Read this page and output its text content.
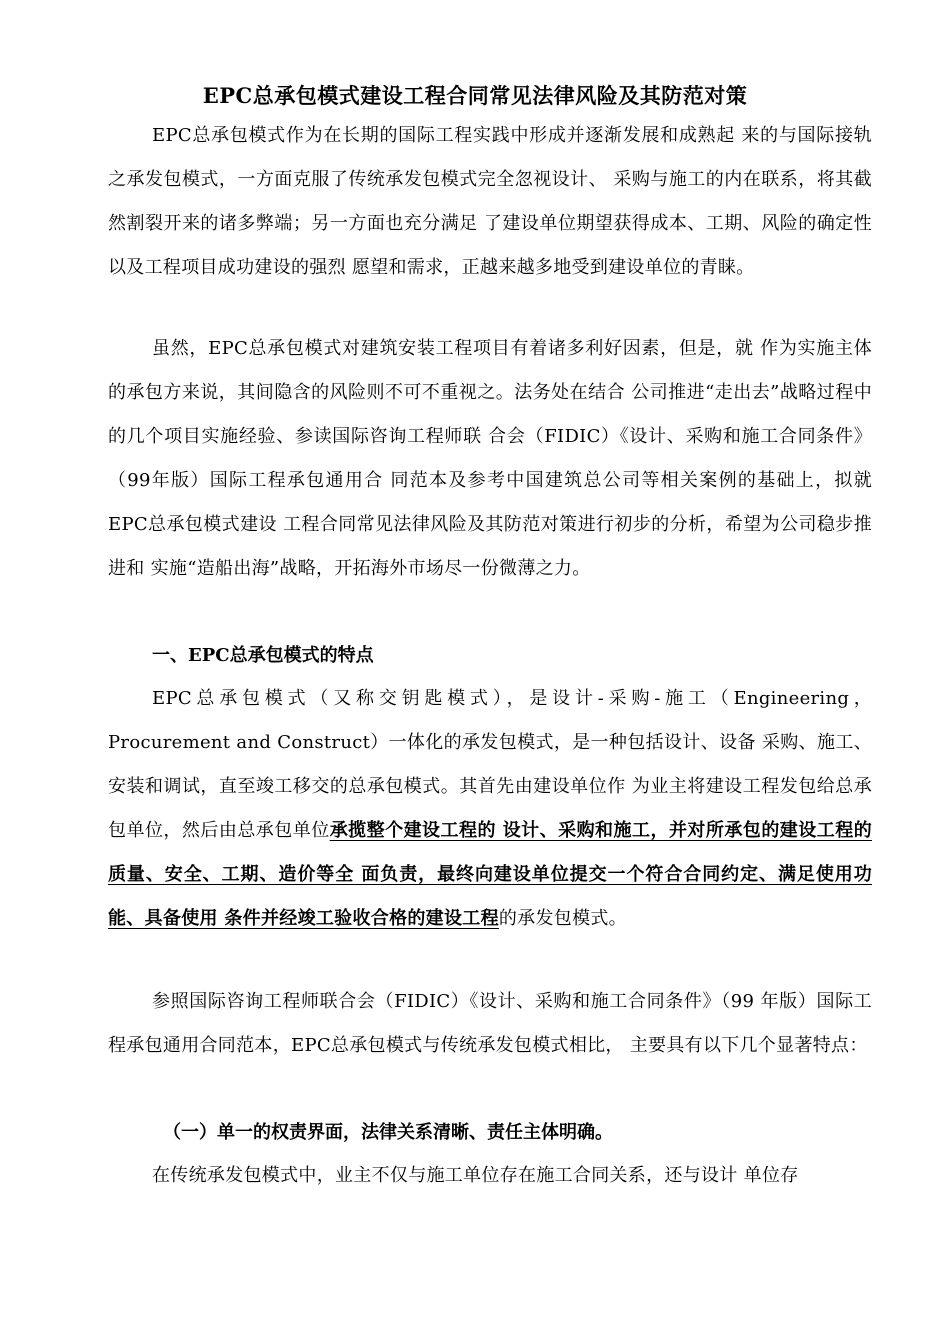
EPC总承包模式建设工程合同常见法律风险及其防范对策

EPC总承包模式作为在长期的国际工程实践中形成并逐渐发展和成熟起 来的与国际接轨之承发包模式，一方面克服了传统承发包模式完全忽视设计、 采购与施工的内在联系，将其截然割裂开来的诸多弊端；另一方面也充分满足 了建设单位期望获得成本、工期、风险的确定性以及工程项目成功建设的强烈 愿望和需求，正越来越多地受到建设单位的青睐。

虽然，EPC总承包模式对建筑安装工程项目有着诸多利好因素，但是，就 作为实施主体的承包方来说，其间隐含的风险则不可不重视之。法务处在结合 公司推进“走出去”战略过程中的几个项目实施经验、参读国际咨询工程师联 合会（FIDIC）《设计、采购和施工合同条件》（99年版）国际工程承包通用合 同范本及参考中国建筑总公司等相关案例的基础上，拟就EPC总承包模式建设 工程合同常见法律风险及其防范对策进行初步的分析，希望为公司稳步推进和 实施“造船出海”战略，开拓海外市场尽一份微薄之力。

一、EPC总承包模式的特点

EPC总承包模式（又称交钥匙模式），是设计-采购-施工（Engineering，Procurement and Construct）一体化的承发包模式，是一种包括设计、设备 采购、施工、安装和调试，直至竣工移交的总承包模式。其首先由建设单位作 为业主将建设工程发包给总承包单位，然后由总承包单位承揽整个建设工程的 设计、采购和施工，并对所承包的建设工程的质量、安全、工期、造价等全 面负责，最终向建设单位提交一个符合合同约定、满足使用功能、具备使用 条件并经竣工验收合格的建设工程的承发包模式。

参照国际咨询工程师联合会（FIDIC）《设计、采购和施工合同条件》（99 年版）国际工程承包通用合同范本，EPC总承包模式与传统承发包模式相比， 主要具有以下几个显著特点：

（一）单一的权责界面，法律关系清晰、责任主体明确。

在传统承发包模式中，业主不仅与施工单位存在施工合同关系，还与设计 单位存
